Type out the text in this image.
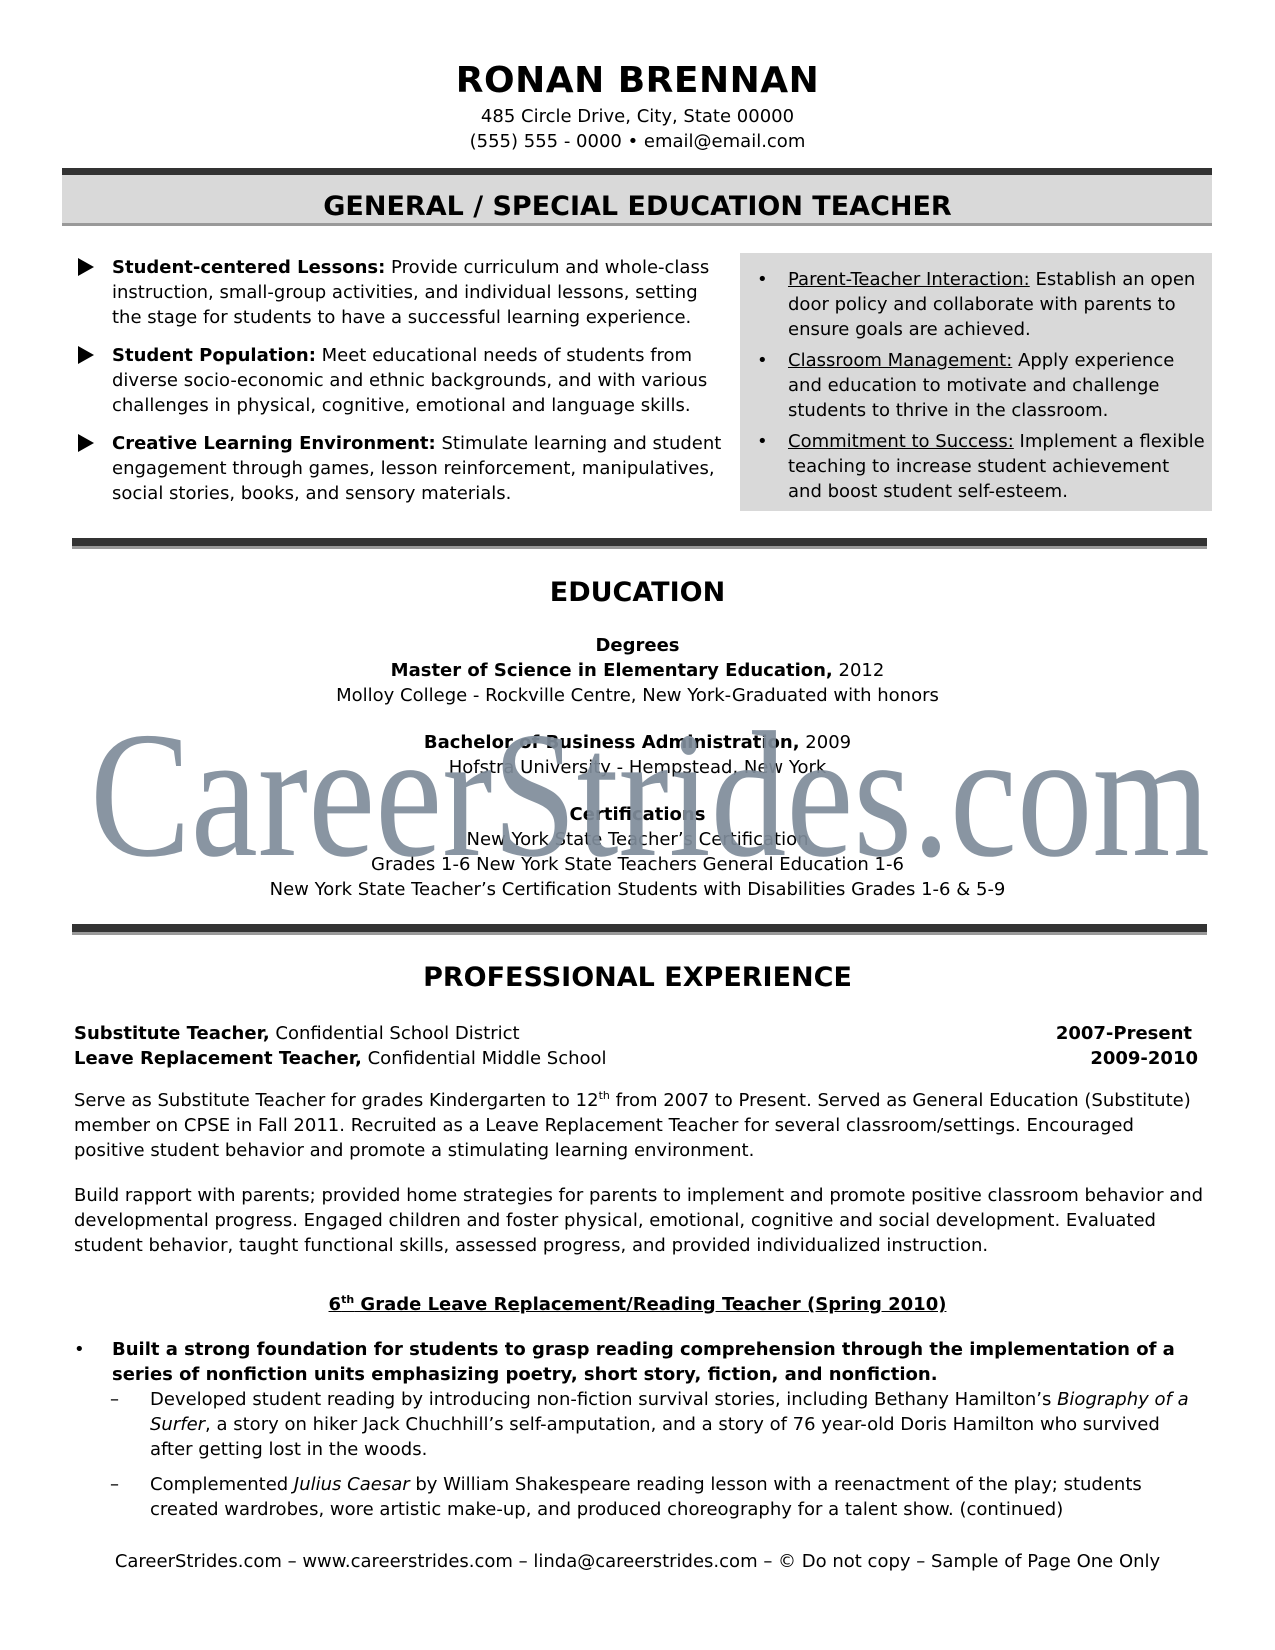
RONAN BRENNAN
485 Circle Drive, City, State 00000
(555) 555 - 0000 • email@email.com
GENERAL / SPECIAL EDUCATION TEACHER
Student-centered Lessons: Provide curriculum and whole-class instruction, small-group activities, and individual lessons, setting the stage for students to have a successful learning experience.
Student Population: Meet educational needs of students from diverse socio-economic and ethnic backgrounds, and with various challenges in physical, cognitive, emotional and language skills.
Creative Learning Environment: Stimulate learning and student engagement through games, lesson reinforcement, manipulatives, social stories, books, and sensory materials.
• Parent-Teacher Interaction: Establish an open door policy and collaborate with parents to ensure goals are achieved.
• Classroom Management: Apply experience and education to motivate and challenge students to thrive in the classroom.
• Commitment to Success: Implement a flexible teaching to increase student achievement and boost student self-esteem.
EDUCATION
Degrees
Master of Science in Elementary Education, 2012
Molloy College - Rockville Centre, New York-Graduated with honors
Bachelor of Business Administration, 2009
Hofstra University - Hempstead, New York
Certifications
New York State Teacher’s Certification
Grades 1-6 New York State Teachers General Education 1-6
New York State Teacher’s Certification Students with Disabilities Grades 1-6 & 5-9
CareerStrides.com
PROFESSIONAL EXPERIENCE
Substitute Teacher, Confidential School District	2007-Present
Leave Replacement Teacher, Confidential Middle School	2009-2010
Serve as Substitute Teacher for grades Kindergarten to 12th from 2007 to Present. Served as General Education (Substitute) member on CPSE in Fall 2011. Recruited as a Leave Replacement Teacher for several classroom/settings. Encouraged positive student behavior and promote a stimulating learning environment.
Build rapport with parents; provided home strategies for parents to implement and promote positive classroom behavior and developmental progress. Engaged children and foster physical, emotional, cognitive and social development. Evaluated student behavior, taught functional skills, assessed progress, and provided individualized instruction.
6th Grade Leave Replacement/Reading Teacher (Spring 2010)
•	Built a strong foundation for students to grasp reading comprehension through the implementation of a series of nonfiction units emphasizing poetry, short story, fiction, and nonfiction.
–	Developed student reading by introducing non-fiction survival stories, including Bethany Hamilton’s Biography of a Surfer, a story on hiker Jack Chuchhill’s self-amputation, and a story of 76 year-old Doris Hamilton who survived after getting lost in the woods.
–	Complemented Julius Caesar by William Shakespeare reading lesson with a reenactment of the play; students created wardrobes, wore artistic make-up, and produced choreography for a talent show. (continued)
CareerStrides.com – www.careerstrides.com – linda@careerstrides.com – © Do not copy – Sample of Page One Only
